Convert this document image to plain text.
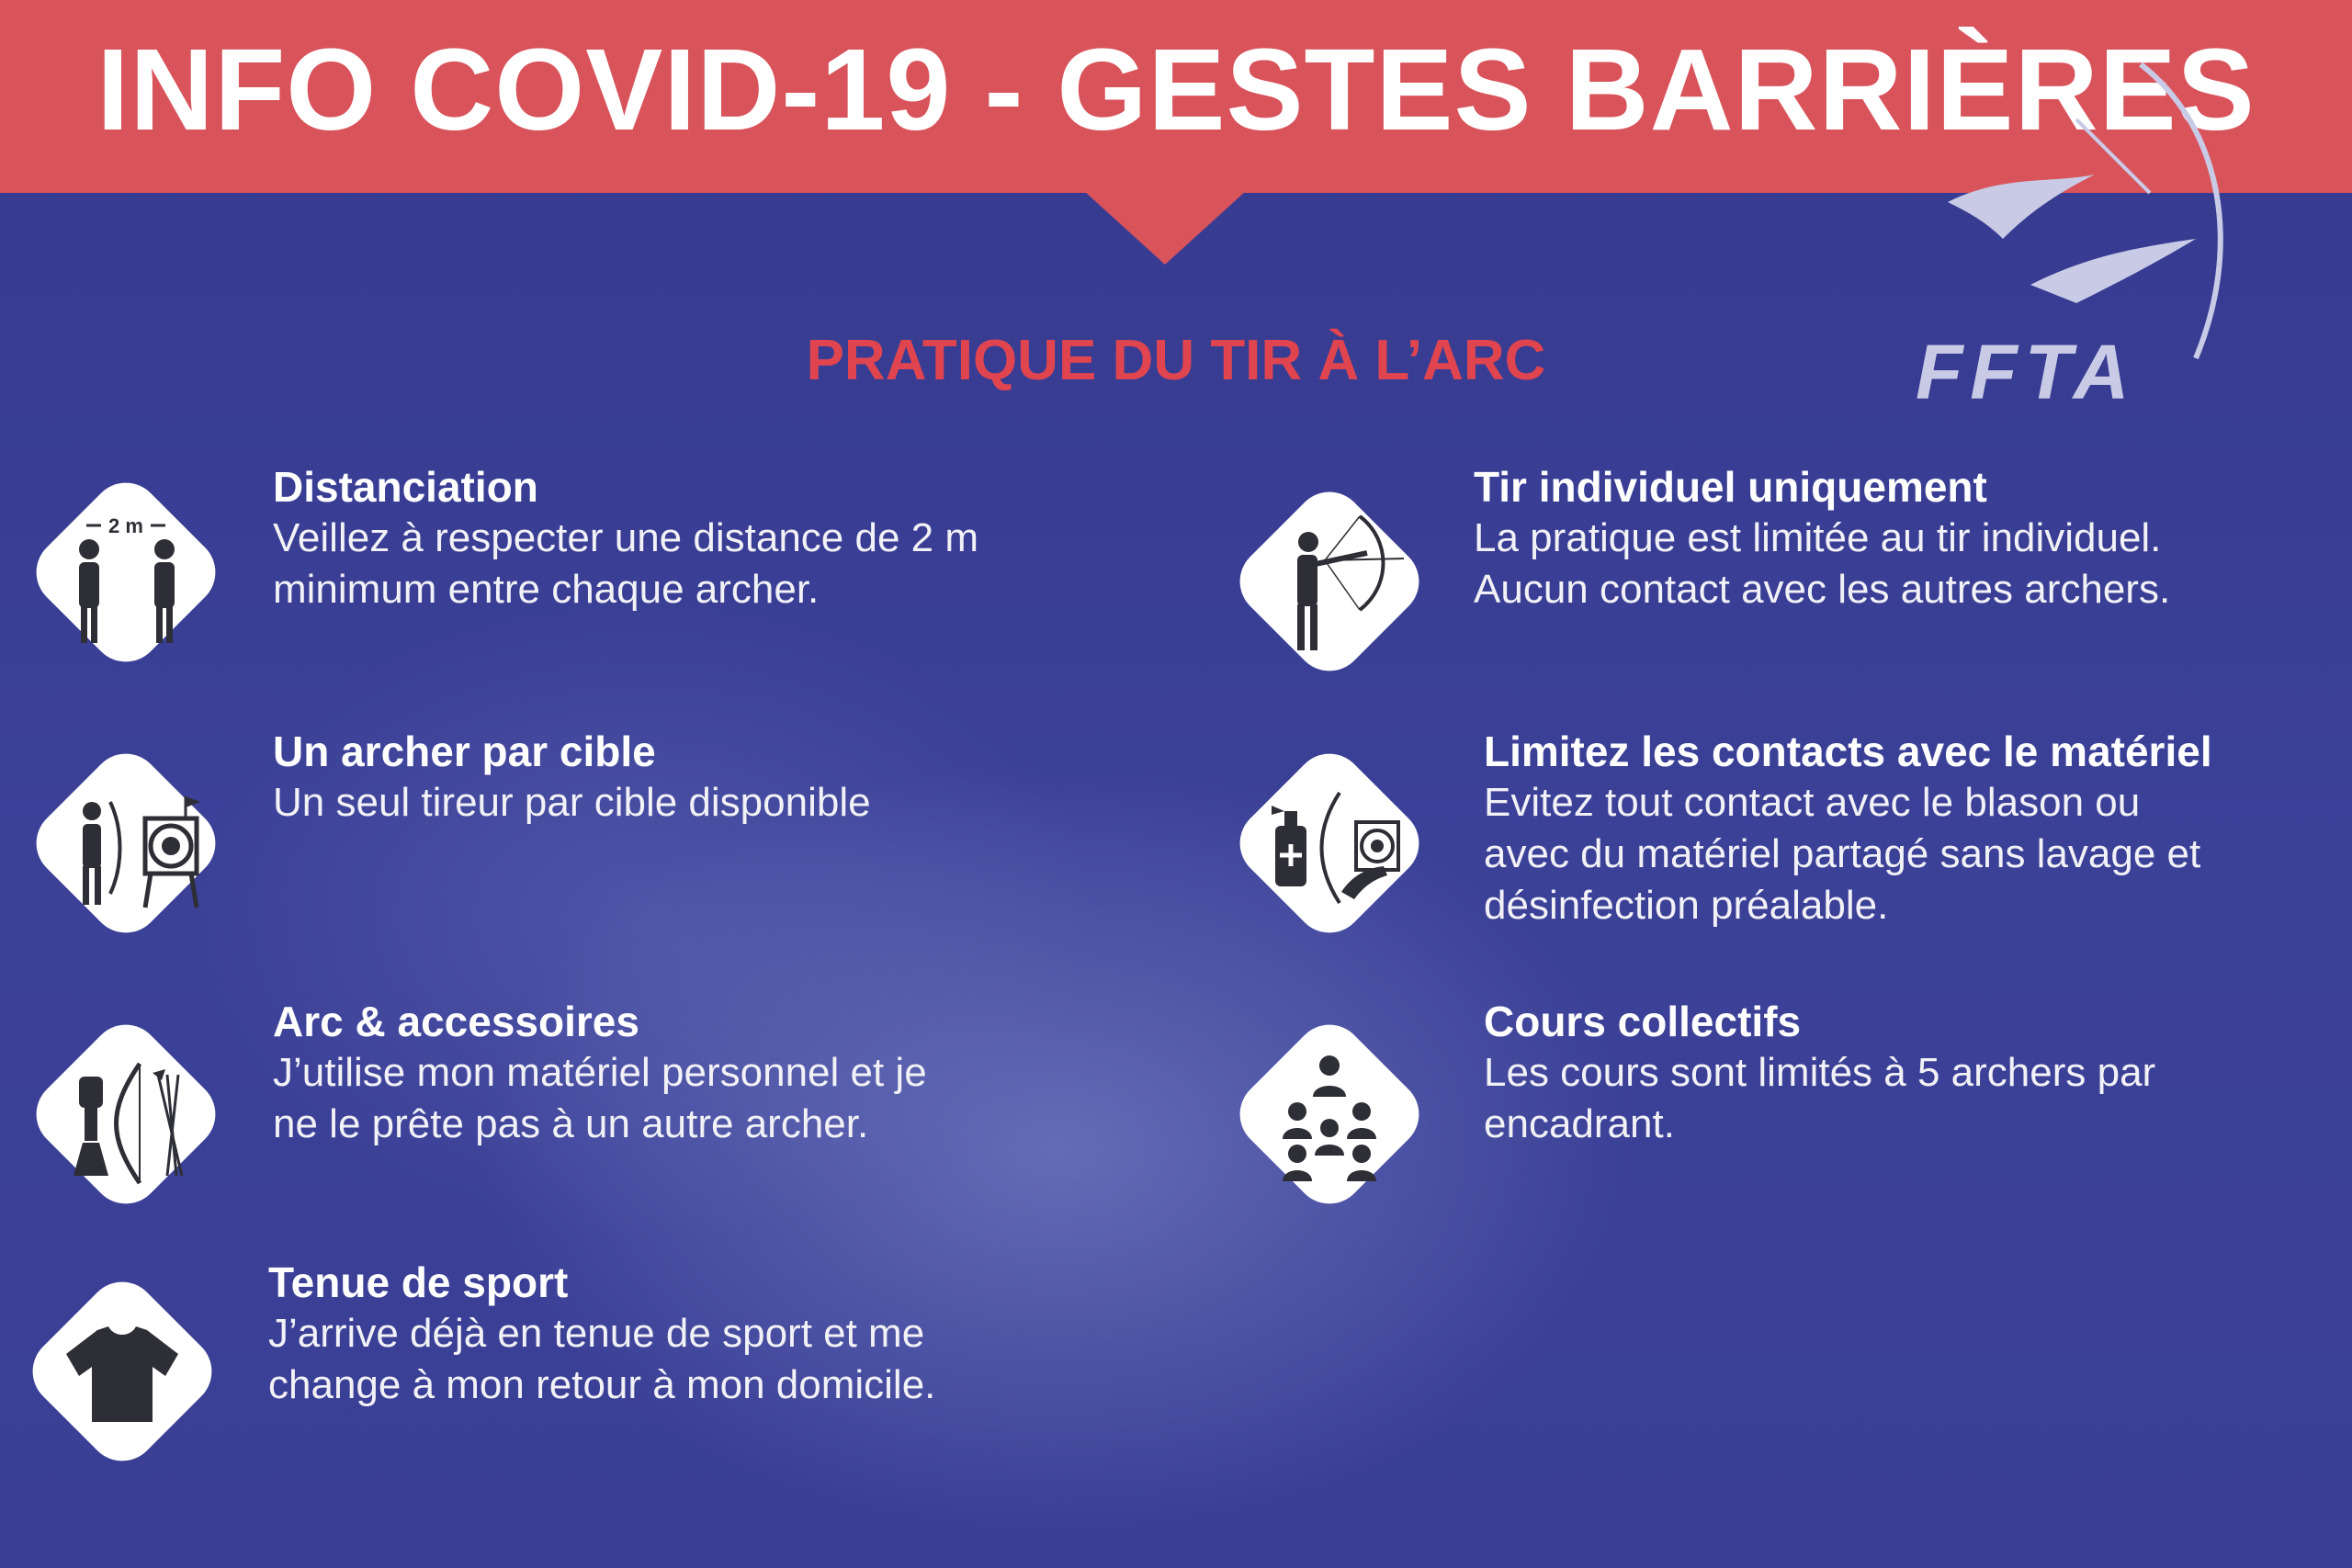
INFO COVID-19 - GESTES BARRIÈRES
FFTA
PRATIQUE DU TIR À L’ARC
2 m
Distanciation
Veillez à respecter une distance de 2 m
minimum entre chaque archer.
Un archer par cible
Un seul tireur par cible disponible
Arc & accessoires
J’utilise mon matériel personnel et je
ne le prête pas à un autre archer.
Tenue de sport
J’arrive déjà en tenue de sport et me
change à mon retour à mon domicile.
Tir individuel uniquement
La pratique est limitée au tir individuel.
Aucun contact avec les autres archers.
Limitez les contacts avec le matériel
Evitez tout contact avec le blason ou
avec du matériel partagé sans lavage et
désinfection préalable.
Cours collectifs
Les cours sont limités à 5 archers par
encadrant.
